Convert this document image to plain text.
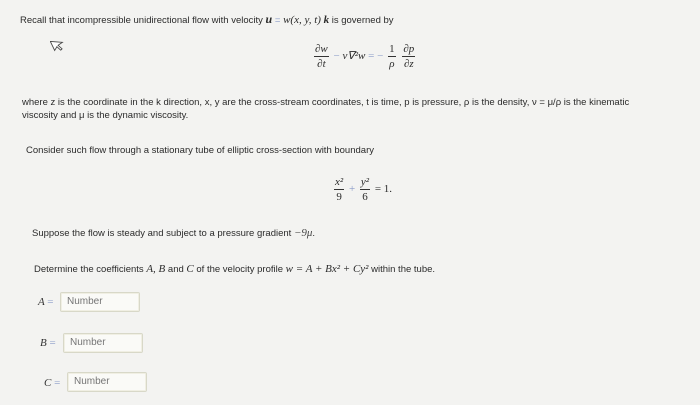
Recall that incompressible unidirectional flow with velocity u = w(x, y, t) k is governed by
$\frac{\partial w}{\partial t} - \nu\nabla^2w$ = − $\frac{1}{\rho}$
$\frac{\partial p}{\partial z}$
where z is the coordinate in the k direction, x, y are the cross-stream coordinates, t is time, p is pressure, ρ is the density, ν = μ/ρ is the kinematic
viscosity and μ is the dynamic viscosity.
Consider such flow through a stationary tube of elliptic cross-section with boundary
$\frac{\text{x²}}{9} + \frac{\text{y²}}{6} = 1$.
Suppose the flow is steady and subject to a pressure gradient −9μ.
Determine the coefficients A, B and C of the velocity profile w = A + Bx² + Cy² within the tube.
A =
Number
B =
Number
C =
Number
